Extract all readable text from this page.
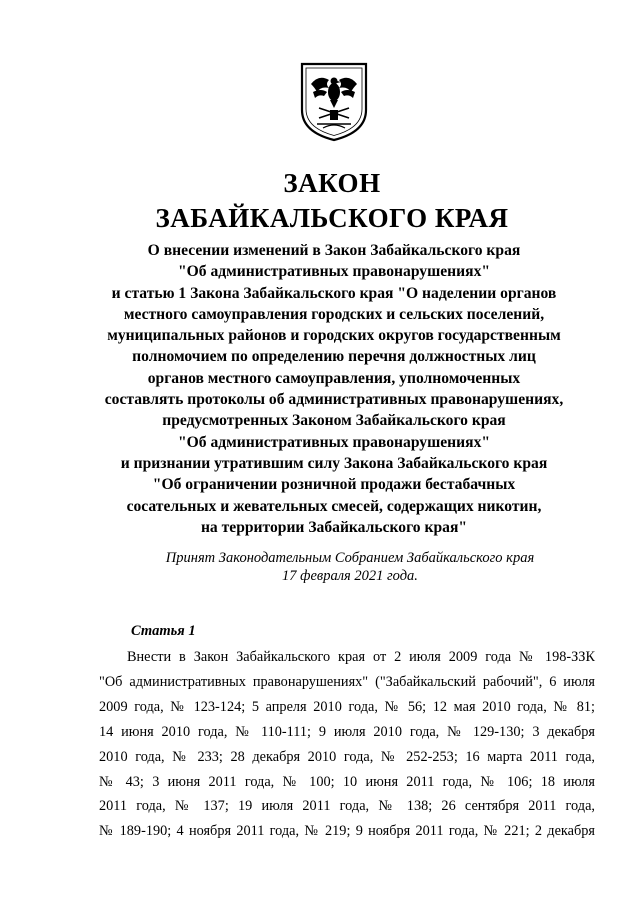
ЗАКОН
ЗАБАЙКАЛЬСКОГО КРАЯ
О внесении изменений в Закон Забайкальского края
"Об административных правонарушениях"
и статью 1 Закона Забайкальского края "О наделении органов
местного самоуправления городских и сельских поселений,
муниципальных районов и городских округов государственным
полномочием по определению перечня должностных лиц
органов местного самоуправления, уполномоченных
составлять протоколы об административных правонарушениях,
предусмотренных Законом Забайкальского края
"Об административных правонарушениях"
и признании утратившим силу Закона Забайкальского края
"Об ограничении розничной продажи бестабачных
сосательных и жевательных смесей, содержащих никотин,
на территории Забайкальского края"
Принят Законодательным Собранием Забайкальского края
17 февраля 2021 года.
Статья 1
Внести в Закон Забайкальского края от 2 июля 2009 года № 198-ЗЗК
"Об административных правонарушениях" ("Забайкальский рабочий", 6 июля
2009 года, № 123-124; 5 апреля 2010 года, № 56; 12 мая 2010 года, № 81;
14 июня 2010 года, № 110-111; 9 июля 2010 года, № 129-130; 3 декабря
2010 года, № 233; 28 декабря 2010 года, № 252-253; 16 марта 2011 года,
№ 43; 3 июня 2011 года, № 100; 10 июня 2011 года, № 106; 18 июля
2011 года, № 137; 19 июля 2011 года, № 138; 26 сентября 2011 года,
№ 189-190; 4 ноября 2011 года, № 219; 9 ноября 2011 года, № 221; 2 декабря
